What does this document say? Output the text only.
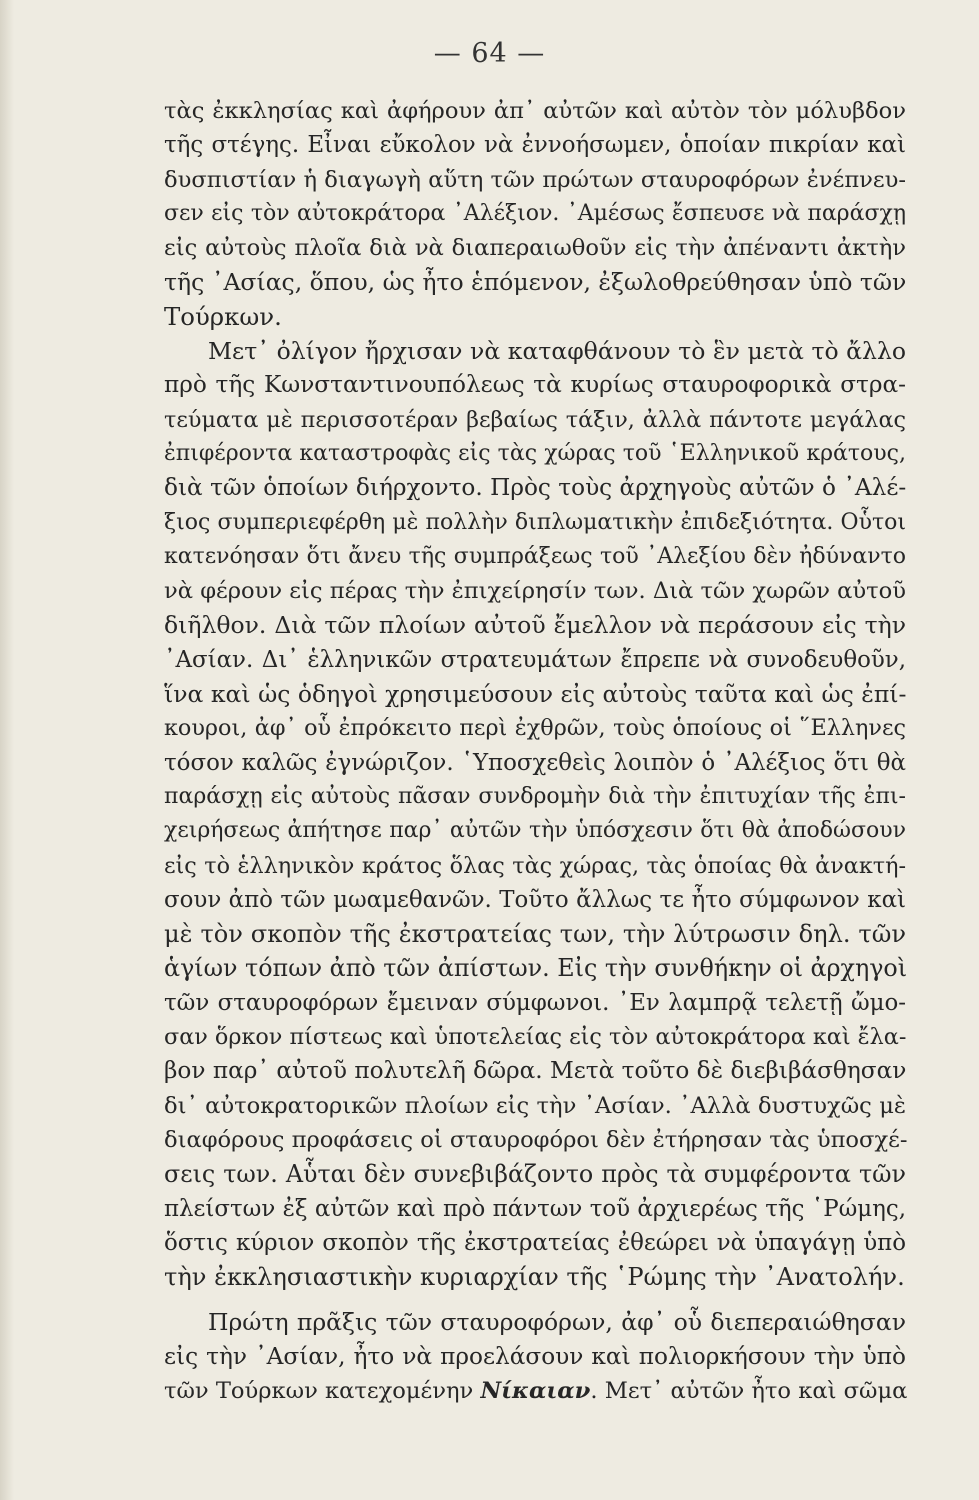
— 64 —
τὰς ἐκκλησίας καὶ ἀφήρουν ἀπ᾽ αὐτῶν καὶ αὐτὸν τὸν μόλυβδον
τῆς στέγης. Εἶναι εὔκολον νὰ ἐννοήσωμεν, ὁποίαν πικρίαν καὶ
δυσπιστίαν ἡ διαγωγὴ αὕτη τῶν πρώτων σταυροφόρων ἐνέπνευ-
σεν εἰς τὸν αὐτοκράτορα ᾽Αλέξιον. ᾽Αμέσως ἔσπευσε νὰ παράσχῃ
εἰς αὐτοὺς πλοῖα διὰ νὰ διαπεραιωθοῦν εἰς τὴν ἀπέναντι ἀκτὴν
τῆς ᾽Ασίας, ὅπου, ὡς ἦτο ἑπόμενον, ἐξωλοθρεύθησαν ὑπὸ τῶν
Τούρκων.
Μετ᾽ ὀλίγον ἤρχισαν νὰ καταφθάνουν τὸ ἓν μετὰ τὸ ἄλλο
πρὸ τῆς Κωνσταντινουπόλεως τὰ κυρίως σταυροφορικὰ στρα-
τεύματα μὲ περισσοτέραν βεβαίως τάξιν, ἀλλὰ πάντοτε μεγάλας
ἐπιφέροντα καταστροφὰς εἰς τὰς χώρας τοῦ ῾Ελληνικοῦ κράτους,
διὰ τῶν ὁποίων διήρχοντο. Πρὸς τοὺς ἀρχηγοὺς αὐτῶν ὁ ᾽Αλέ-
ξιος συμπεριεφέρθη μὲ πολλὴν διπλωματικὴν ἐπιδεξιότητα. Οὗτοι
κατενόησαν ὅτι ἄνευ τῆς συμπράξεως τοῦ ᾽Αλεξίου δὲν ἠδύναντο
νὰ φέρουν εἰς πέρας τὴν ἐπιχείρησίν των. Διὰ τῶν χωρῶν αὐτοῦ
διῆλθον. Διὰ τῶν πλοίων αὐτοῦ ἔμελλον νὰ περάσουν εἰς τὴν
᾽Ασίαν. Δι᾽ ἑλληνικῶν στρατευμάτων ἔπρεπε νὰ συνοδευθοῦν,
ἵνα καὶ ὡς ὁδηγοὶ χρησιμεύσουν εἰς αὐτοὺς ταῦτα καὶ ὡς ἐπί-
κουροι, ἀφ᾽ οὗ ἐπρόκειτο περὶ ἐχθρῶν, τοὺς ὁποίους οἱ ῞Ελληνες
τόσον καλῶς ἐγνώριζον. ῾Υποσχεθεὶς λοιπὸν ὁ ᾽Αλέξιος ὅτι θὰ
παράσχῃ εἰς αὐτοὺς πᾶσαν συνδρομὴν διὰ τὴν ἐπιτυχίαν τῆς ἐπι-
χειρήσεως ἀπήτησε παρ᾽ αὐτῶν τὴν ὑπόσχεσιν ὅτι θὰ ἀποδώσουν
εἰς τὸ ἑλληνικὸν κράτος ὅλας τὰς χώρας, τὰς ὁποίας θὰ ἀνακτή-
σουν ἀπὸ τῶν μωαμεθανῶν. Τοῦτο ἄλλως τε ἦτο σύμφωνον καὶ
μὲ τὸν σκοπὸν τῆς ἐκστρατείας των, τὴν λύτρωσιν δηλ. τῶν
ἁγίων τόπων ἀπὸ τῶν ἀπίστων. Εἰς τὴν συνθήκην οἱ ἀρχηγοὶ
τῶν σταυροφόρων ἔμειναν σύμφωνοι. ᾽Εν λαμπρᾷ τελετῇ ὤμο-
σαν ὅρκον πίστεως καὶ ὑποτελείας εἰς τὸν αὐτοκράτορα καὶ ἔλα-
βον παρ᾽ αὐτοῦ πολυτελῆ δῶρα. Μετὰ τοῦτο δὲ διεβιβάσθησαν
δι᾽ αὐτοκρατορικῶν πλοίων εἰς τὴν ᾽Ασίαν. ᾽Αλλὰ δυστυχῶς μὲ
διαφόρους προφάσεις οἱ σταυροφόροι δὲν ἐτήρησαν τὰς ὑποσχέ-
σεις των. Αὗται δὲν συνεβιβάζοντο πρὸς τὰ συμφέροντα τῶν
πλείστων ἐξ αὐτῶν καὶ πρὸ πάντων τοῦ ἀρχιερέως τῆς ῾Ρώμης,
ὅστις κύριον σκοπὸν τῆς ἐκστρατείας ἐθεώρει νὰ ὑπαγάγῃ ὑπὸ
τὴν ἐκκλησιαστικὴν κυριαρχίαν τῆς ῾Ρώμης τὴν ᾽Ανατολήν.
Πρώτη πρᾶξις τῶν σταυροφόρων, ἀφ᾽ οὗ διεπεραιώθησαν
εἰς τὴν ᾽Ασίαν, ἦτο νὰ προελάσουν καὶ πολιορκήσουν τὴν ὑπὸ
τῶν Τούρκων κατεχομένην Νίκαιαν. Μετ᾽ αὐτῶν ἦτο καὶ σῶμα
